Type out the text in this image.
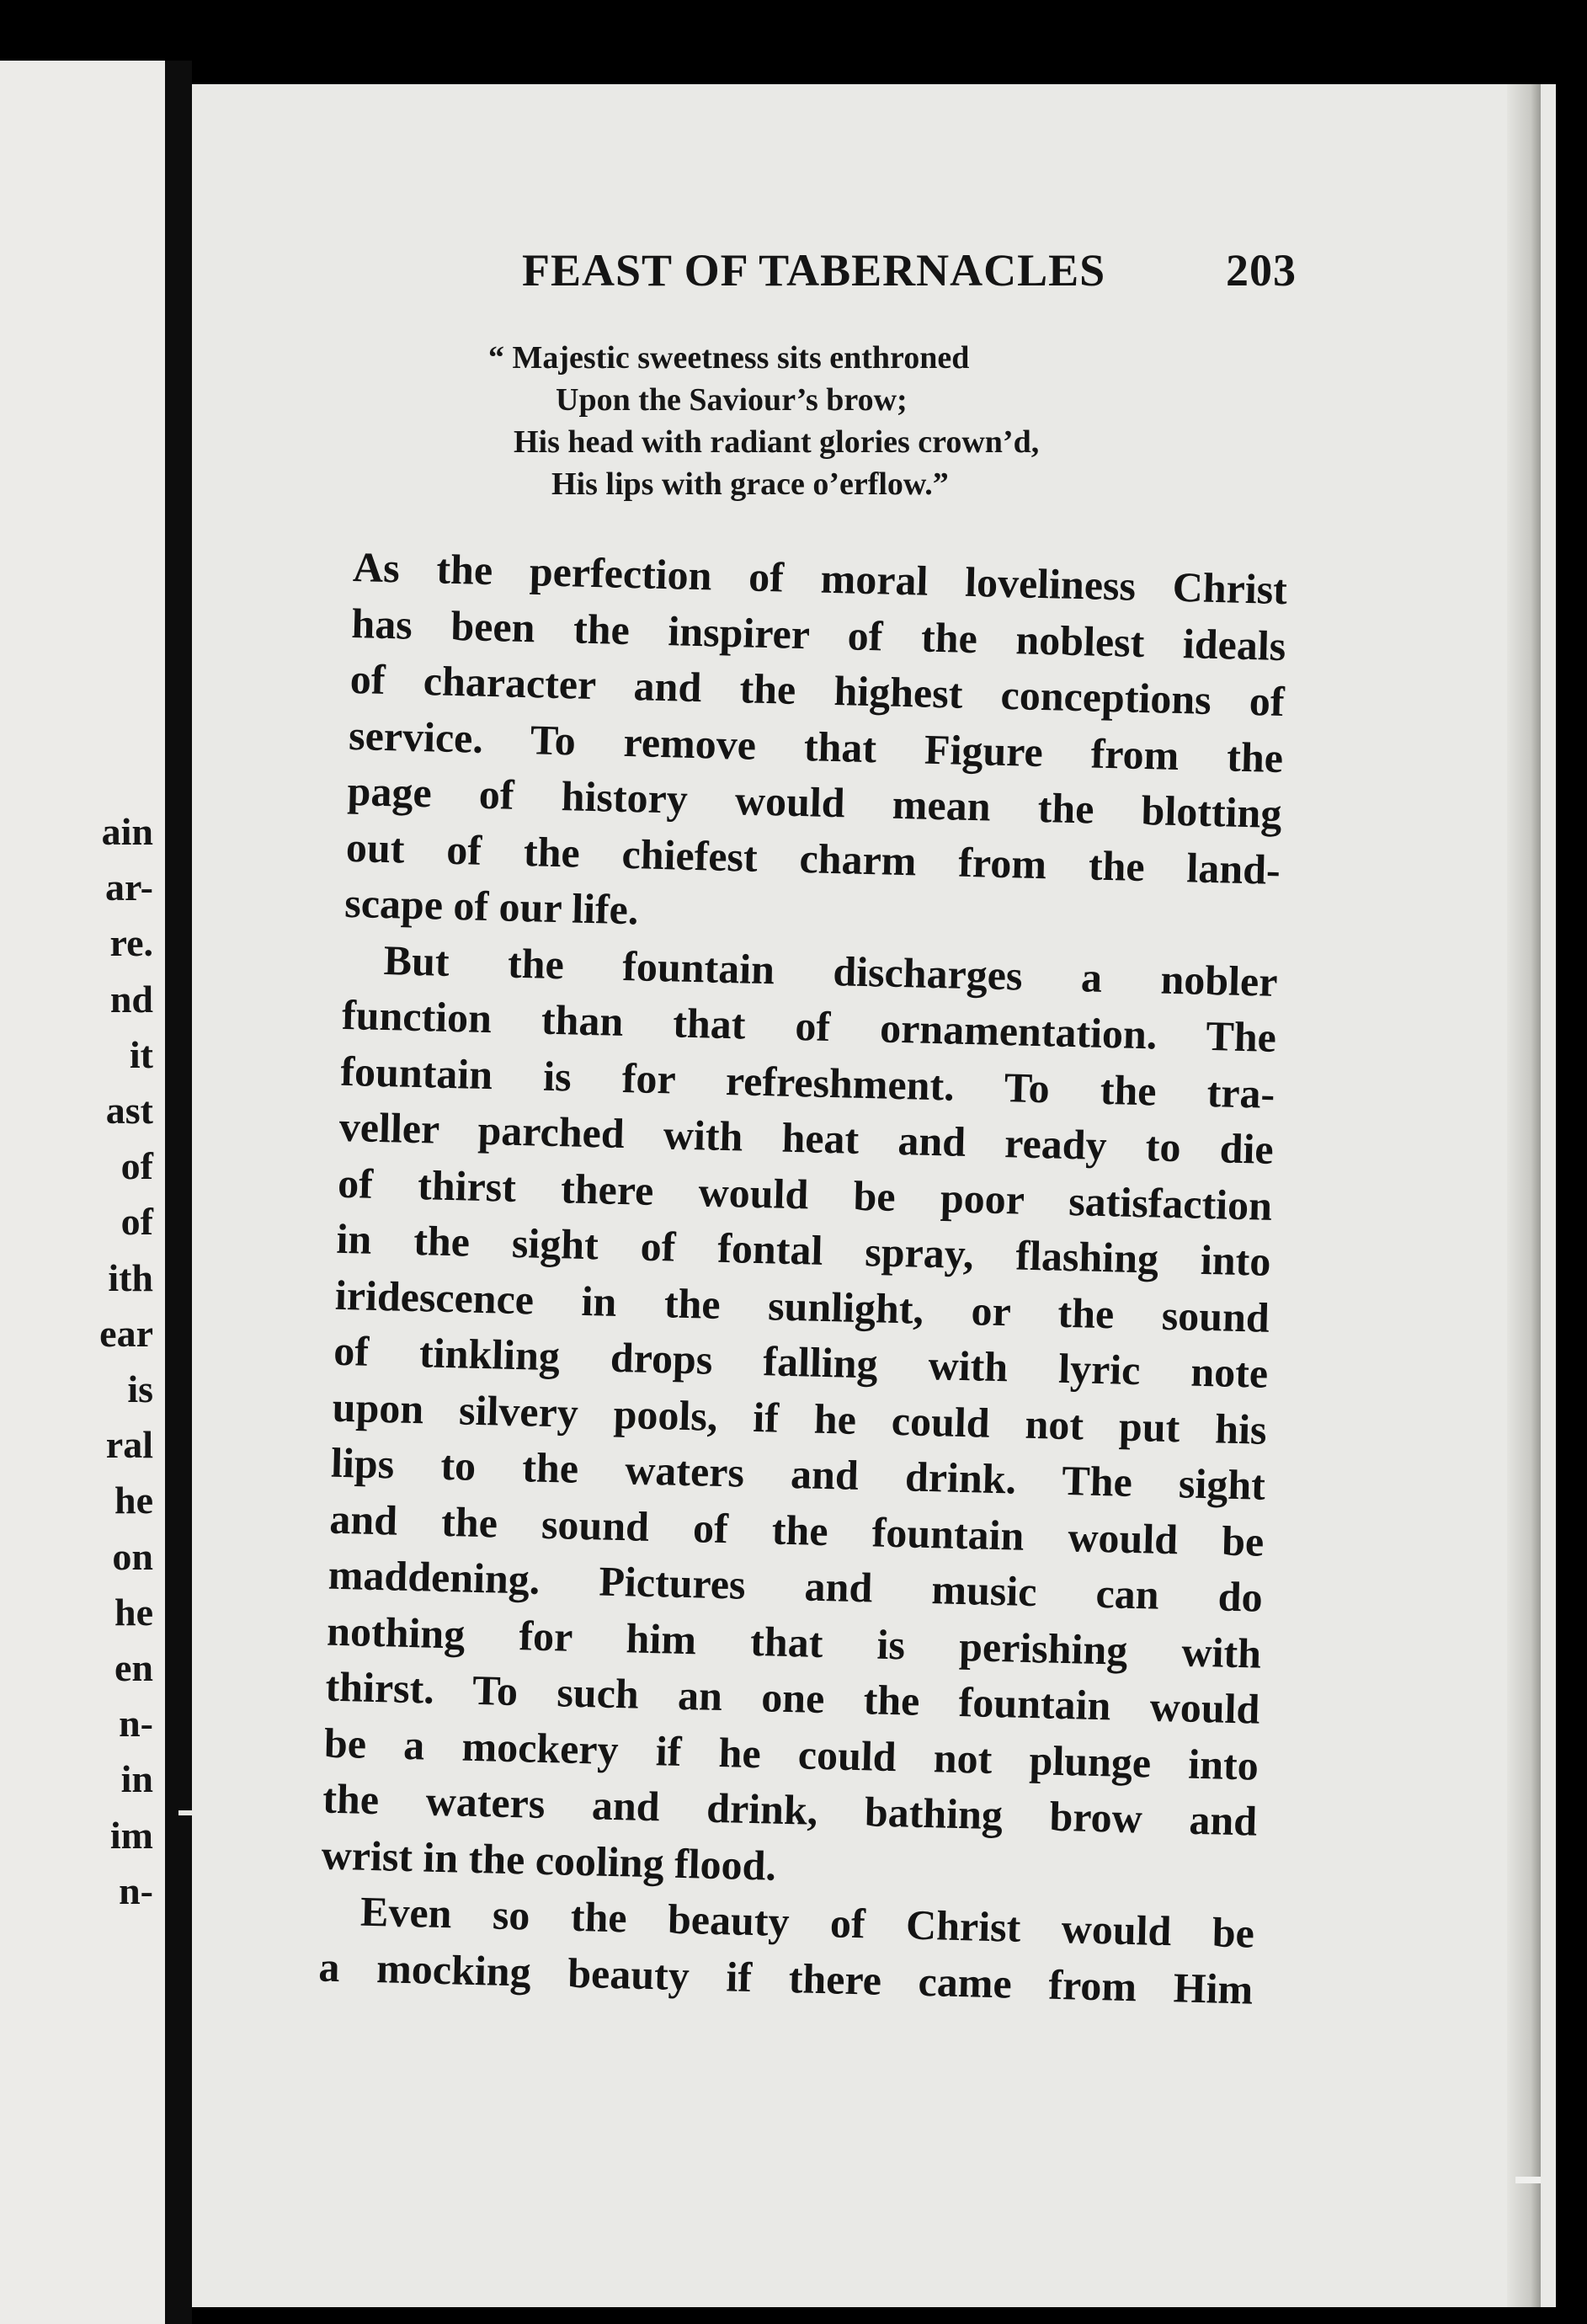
ain
ar-
re.
nd
it
ast
of
of
ith
ear
is
ral
he
on
he
en
n-
in
im
n-
FEAST OF TABERNACLES	203
“ Majestic sweetness sits enthroned
Upon the Saviour’s brow;
His head with radiant glories crown’d,
His lips with grace o’erflow.”
As the perfection of moral loveliness Christ
has been the inspirer of the noblest ideals
of character and the highest conceptions of
service. To remove that Figure from the
page of history would mean the blotting
out of the chiefest charm from the land-
scape of our life.
But the fountain discharges a nobler
function than that of ornamentation. The
fountain is for refreshment. To the tra-
veller parched with heat and ready to die
of thirst there would be poor satisfaction
in the sight of fontal spray, flashing into
iridescence in the sunlight, or the sound
of tinkling drops falling with lyric note
upon silvery pools, if he could not put his
lips to the waters and drink. The sight
and the sound of the fountain would be
maddening. Pictures and music can do
nothing for him that is perishing with
thirst. To such an one the fountain would
be a mockery if he could not plunge into
the waters and drink, bathing brow and
wrist in the cooling flood.
Even so the beauty of Christ would be
a mocking beauty if there came from Him
